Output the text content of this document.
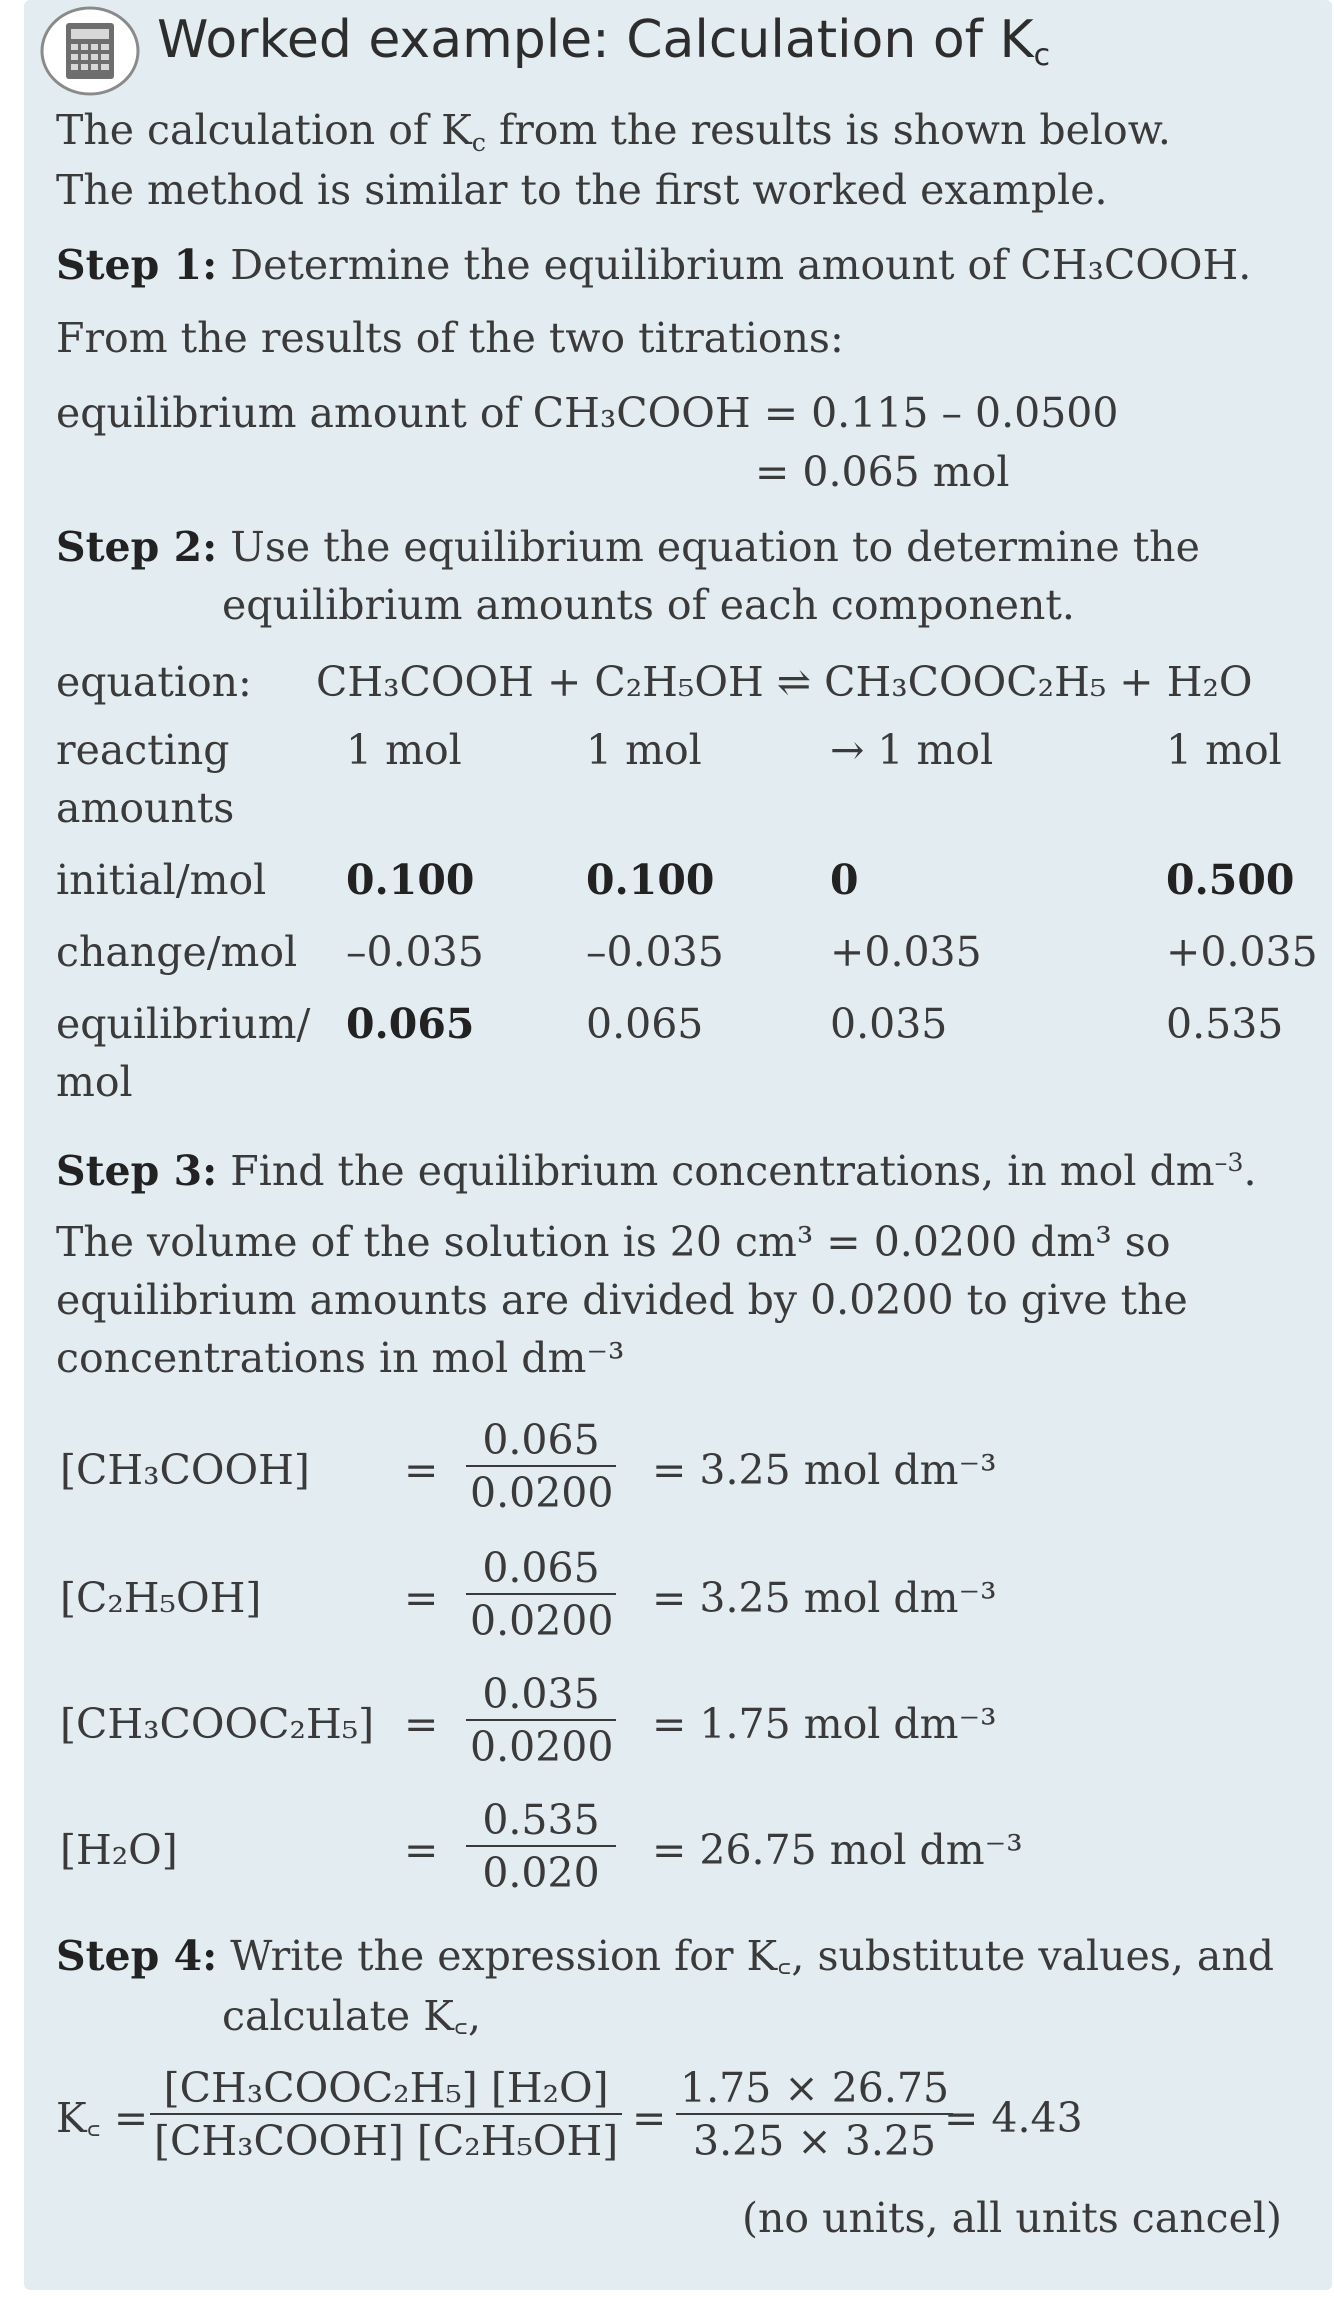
Worked example: Calculation of $K_c$
The calculation of $K_c$ from the results is shown below.
The method is similar to the first worked example.
Step 1: Determine the equilibrium amount of CH₃COOH.
From the results of the two titrations:
equilibrium amount of CH₃COOH = 0.115 – 0.0500
= 0.065 mol
Step 2: Use the equilibrium equation to determine the
equilibrium amounts of each component.
equation: CH₃COOH + C₂H₅OH ⇌ CH₃COOC₂H₅ + H₂O
reacting
amounts
1 mol	1 mol	→ 1 mol	1 mol
initial/mol 0.100	0.100	0	0.500
change/mol –0.035 –0.035	+0.035	+0.035
equilibrium/
mol
0.065	0.065	0.035	0.535
Step 3: Find the equilibrium concentrations, in mol $dm^{-3}$.
The volume of the solution is 20 cm³ = 0.0200 dm³ so
equilibrium amounts are divided by 0.0200 to give the
concentrations in mol dm⁻³
[CH₃COOH] = $\frac{0.065}{0.0200} = 3.25$ mol dm⁻³
[C₂H₅OH]	= $\frac{0.065}{0.0200} = 3.25$ mol dm⁻³
[CH₃COOC₂H₅] = $\frac{0.035}{0.0200} = 1.75$ mol dm⁻³
[H₂O]	= $\frac{0.535}{0.020} = 26.75$ mol dm⁻³
Step 4: Write the expression for K꜀, substitute values, and
calculate K꜀,
K꜀ =
[CH₃COOC₂H₅] [H₂O]
[CH₃COOH] $[C_2H_5OH] = \frac{1.75 \times 26.75}{3.25 \times 3.25}$
= 4.43
(no units, all units cancel)
